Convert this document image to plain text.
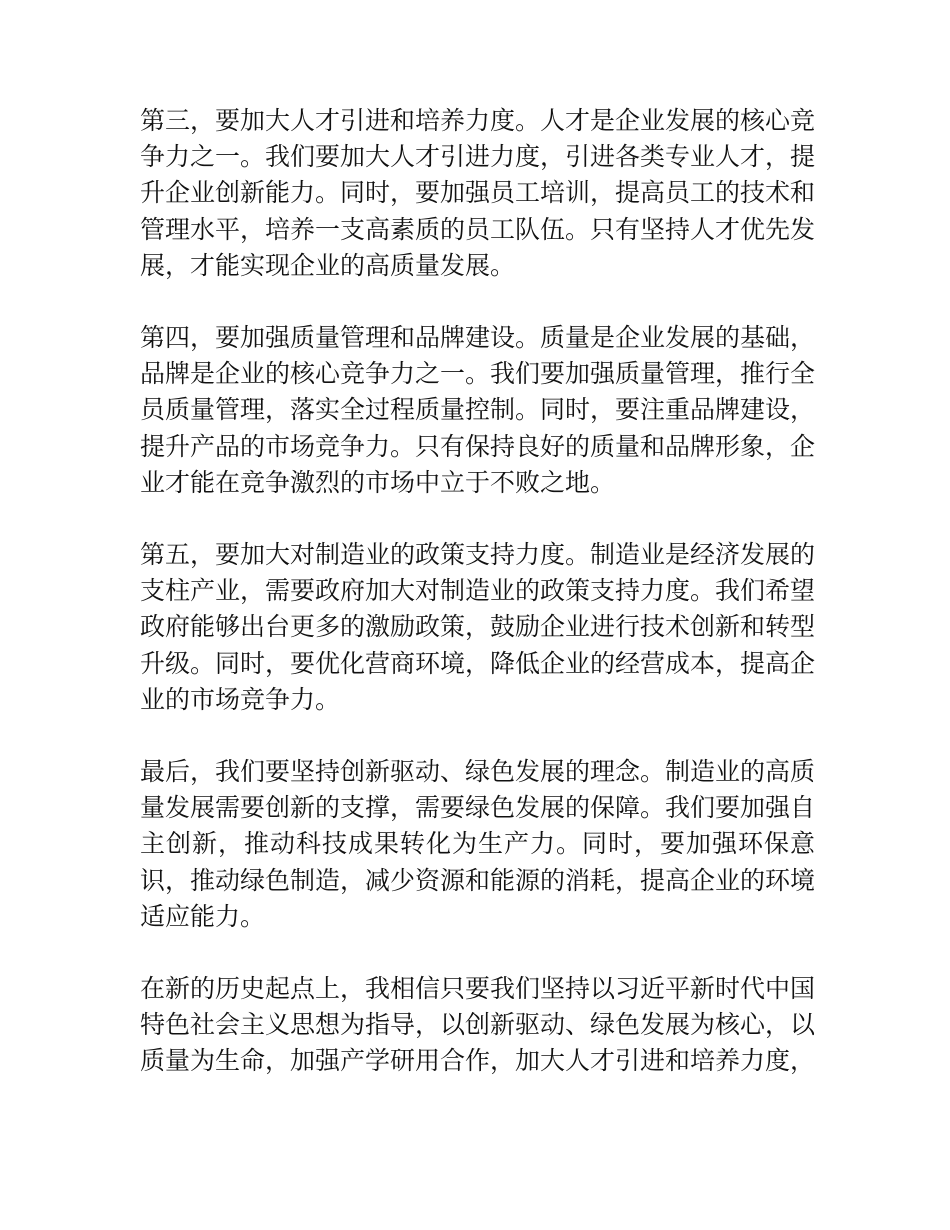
第三，要加大人才引进和培养力度。人才是企业发展的核心竞争力之一。我们要加大人才引进力度，引进各类专业人才，提升企业创新能力。同时，要加强员工培训，提高员工的技术和管理水平，培养一支高素质的员工队伍。只有坚持人才优先发展，才能实现企业的高质量发展。

第四，要加强质量管理和品牌建设。质量是企业发展的基础，品牌是企业的核心竞争力之一。我们要加强质量管理，推行全员质量管理，落实全过程质量控制。同时，要注重品牌建设，提升产品的市场竞争力。只有保持良好的质量和品牌形象，企业才能在竞争激烈的市场中立于不败之地。

第五，要加大对制造业的政策支持力度。制造业是经济发展的支柱产业，需要政府加大对制造业的政策支持力度。我们希望政府能够出台更多的激励政策，鼓励企业进行技术创新和转型升级。同时，要优化营商环境，降低企业的经营成本，提高企业的市场竞争力。

最后，我们要坚持创新驱动、绿色发展的理念。制造业的高质量发展需要创新的支撑，需要绿色发展的保障。我们要加强自主创新，推动科技成果转化为生产力。同时，要加强环保意识，推动绿色制造，减少资源和能源的消耗，提高企业的环境适应能力。

在新的历史起点上，我相信只要我们坚持以习近平新时代中国特色社会主义思想为指导，以创新驱动、绿色发展为核心，以质量为生命，加强产学研用合作，加大人才引进和培养力度，
